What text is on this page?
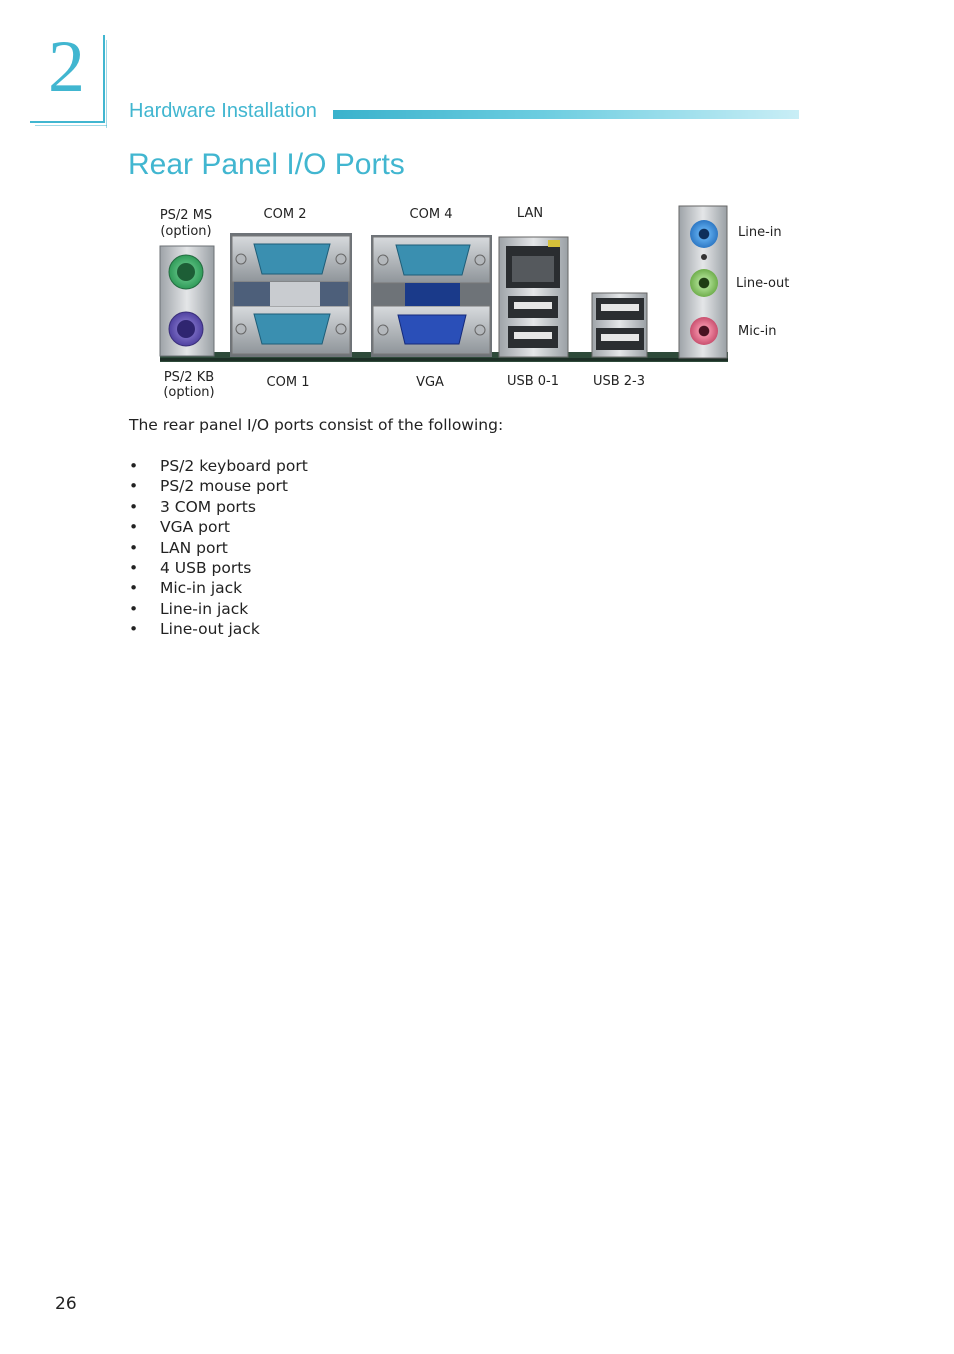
2
Hardware Installation
Rear Panel I/O Ports
PS/2 MS
(option)
COM 2	COM 4	LAN
Line-in
Line-out
Mic-in
PS/2 KB
(option)
COM 1	VGA	USB 0-1	USB 2-3
The rear panel I/O ports consist of the following:
• PS/2 keyboard port
• PS/2 mouse port
• 3 COM ports
• VGA port
• LAN port
• 4 USB ports
• Mic-in jack
• Line-in jack
• Line-out jack
26
